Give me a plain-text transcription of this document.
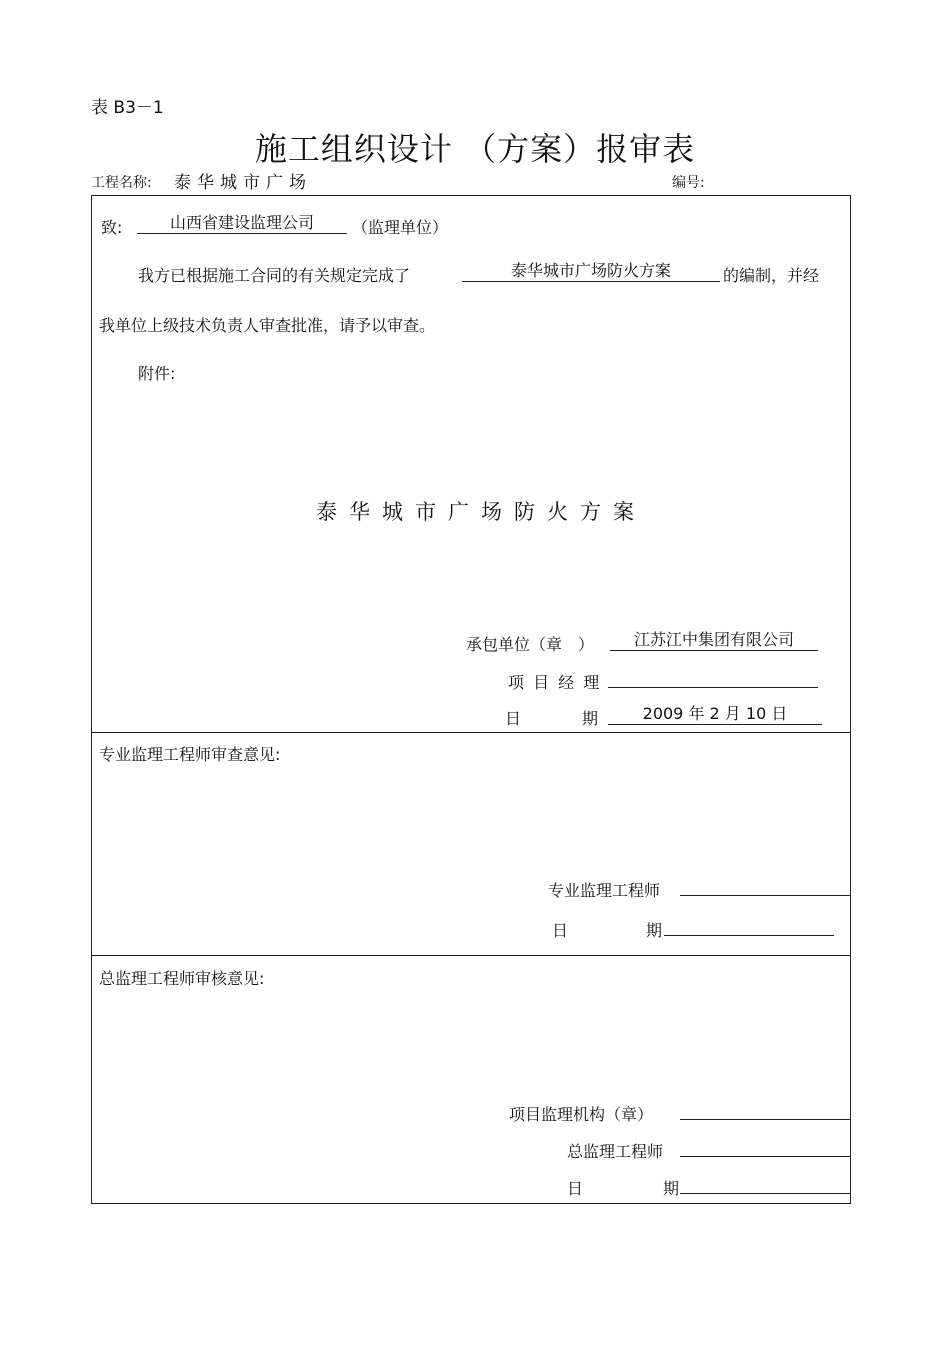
表 B3－1
施工组织设计 （方案）报审表
工程名称: 泰华城市广场	编号:
致:	山西省建设监理公司	（监理单位）
我方已根据施工合同的有关规定完成了	泰华城市广场防火方案	的编制，并经
我单位上级技术负责人审查批准，请予以审查。
附件:
泰华城市广场防火方案
承包单位（章　）	江苏江中集团有限公司
项 目 经 理
日	期	2009 年 2 月 10 日
专业监理工程师审查意见:
专业监理工程师
日	期
总监理工程师审核意见:
项目监理机构（章）
总监理工程师
日	期
